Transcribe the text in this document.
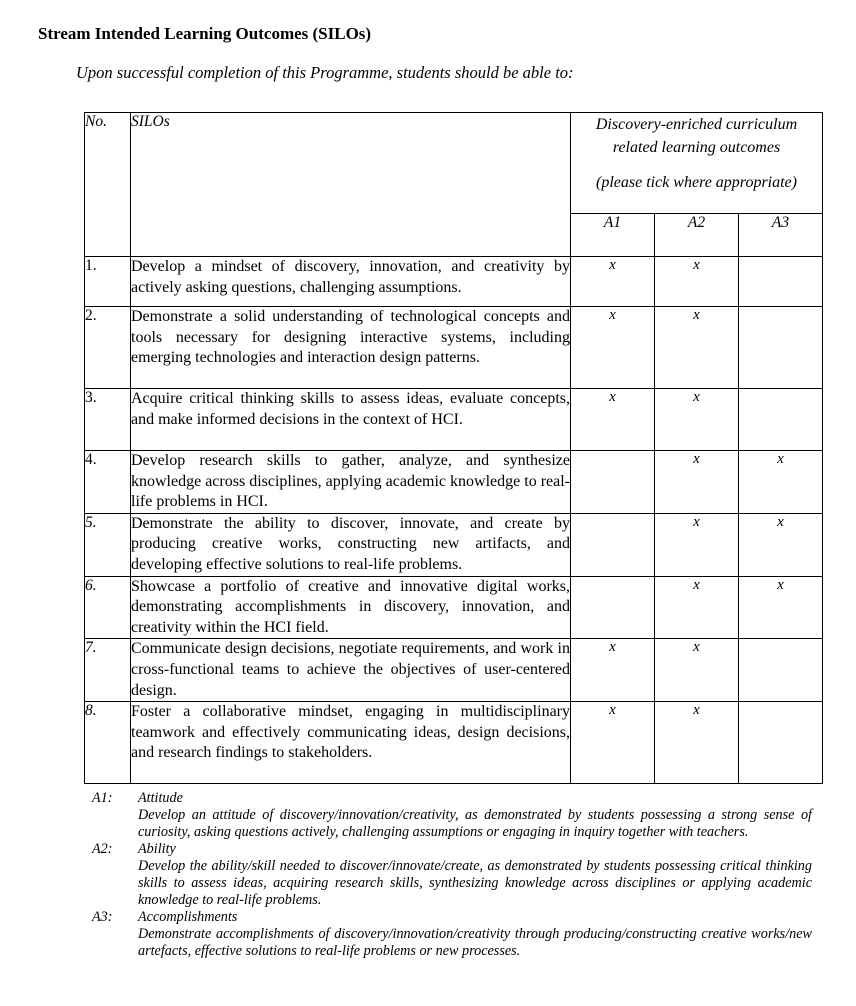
Stream Intended Learning Outcomes (SILOs)
Upon successful completion of this Programme, students should be able to:
No.	SILOs	Discovery-enriched curriculum
related learning outcomes
(please tick where appropriate)		

		A1	A2	A3
1.	Develop a mindset of discovery, innovation, and creativity by actively asking questions, challenging assumptions.	x	x	
2.	Demonstrate a solid understanding of technological concepts and tools necessary for designing interactive systems, including emerging technologies and interaction design patterns.	x	x	
3.	Acquire critical thinking skills to assess ideas, evaluate concepts, and make informed decisions in the context of HCI.	x	x	
4.	Develop research skills to gather, analyze, and synthesize knowledge across disciplines, applying academic knowledge to real-life problems in HCI.		x	x
5.	Demonstrate the ability to discover, innovate, and create by producing creative works, constructing new artifacts, and developing effective solutions to real-life problems.		x	x
6.	Showcase a portfolio of creative and innovative digital works, demonstrating accomplishments in discovery, innovation, and creativity within the HCI field.		x	x
7.	Communicate design decisions, negotiate requirements, and work in cross-functional teams to achieve the objectives of user-centered design.	x	x	
8.	Foster a collaborative mindset, engaging in multidisciplinary teamwork and effectively communicating ideas, design decisions, and research findings to stakeholders.	x	x	
A1:	Attitude
Develop an attitude of discovery/innovation/creativity, as demonstrated by students possessing a strong sense of curiosity, asking questions actively, challenging assumptions or engaging in inquiry together with teachers.
A2:	Ability
Develop the ability/skill needed to discover/innovate/create, as demonstrated by students possessing critical thinking skills to assess ideas, acquiring research skills, synthesizing knowledge across disciplines or applying academic knowledge to real-life problems.
A3:	Accomplishments
Demonstrate accomplishments of discovery/innovation/creativity through producing/constructing creative works/new artefacts, effective solutions to real-life problems or new processes.
